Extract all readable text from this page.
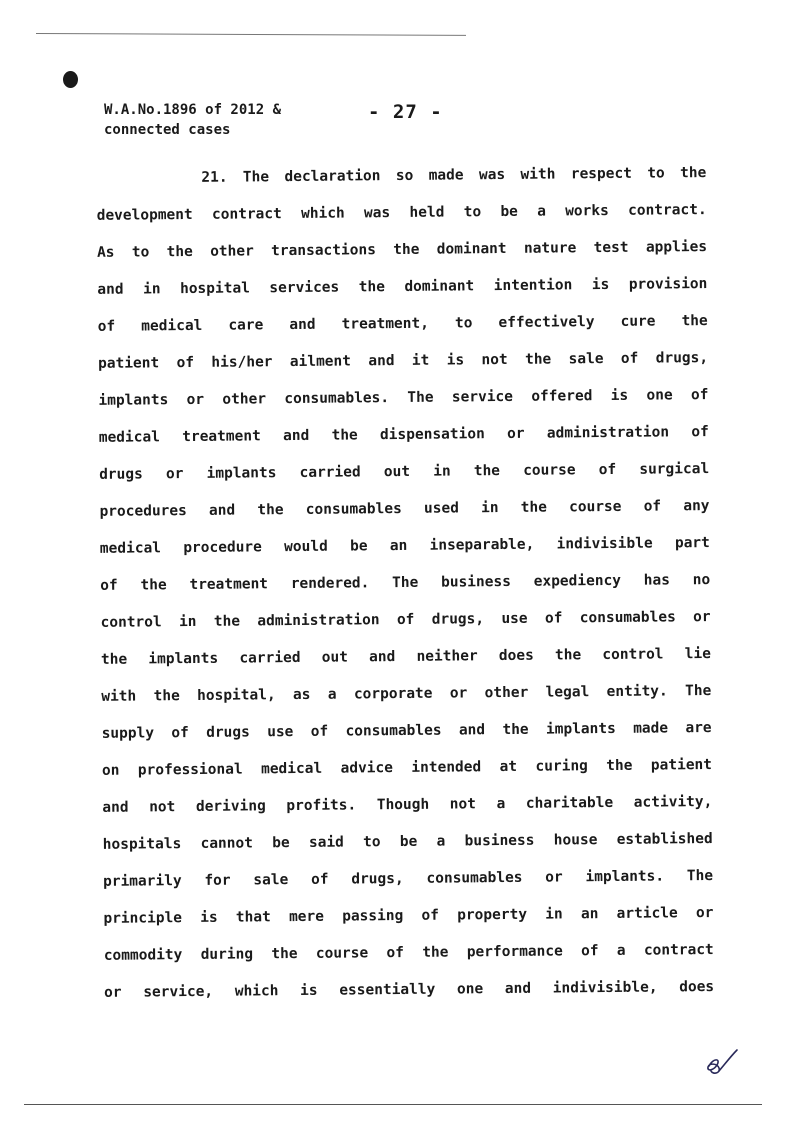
W.A.No.1896 of 2012 &
connected cases
- 27 -
21. The declaration so made was with respect to the
development contract which was held to be a works contract.
As to the other transactions the dominant nature test applies
and in hospital services the dominant intention is provision
of medical care and treatment, to effectively cure the
patient of his/her ailment and it is not the sale of drugs,
implants or other consumables. The service offered is one of
medical treatment and the dispensation or administration of
drugs or implants carried out in the course of surgical
procedures and the consumables used in the course of any
medical procedure would be an inseparable, indivisible part
of the treatment rendered. The business expediency has no
control in the administration of drugs, use of consumables or
the implants carried out and neither does the control lie
with the hospital, as a corporate or other legal entity. The
supply of drugs use of consumables and the implants made are
on professional medical advice intended at curing the patient
and not deriving profits. Though not a charitable activity,
hospitals cannot be said to be a business house established
primarily for sale of drugs, consumables or implants. The
principle is that mere passing of property in an article or
commodity during the course of the performance of a contract
or service, which is essentially one and indivisible, does
